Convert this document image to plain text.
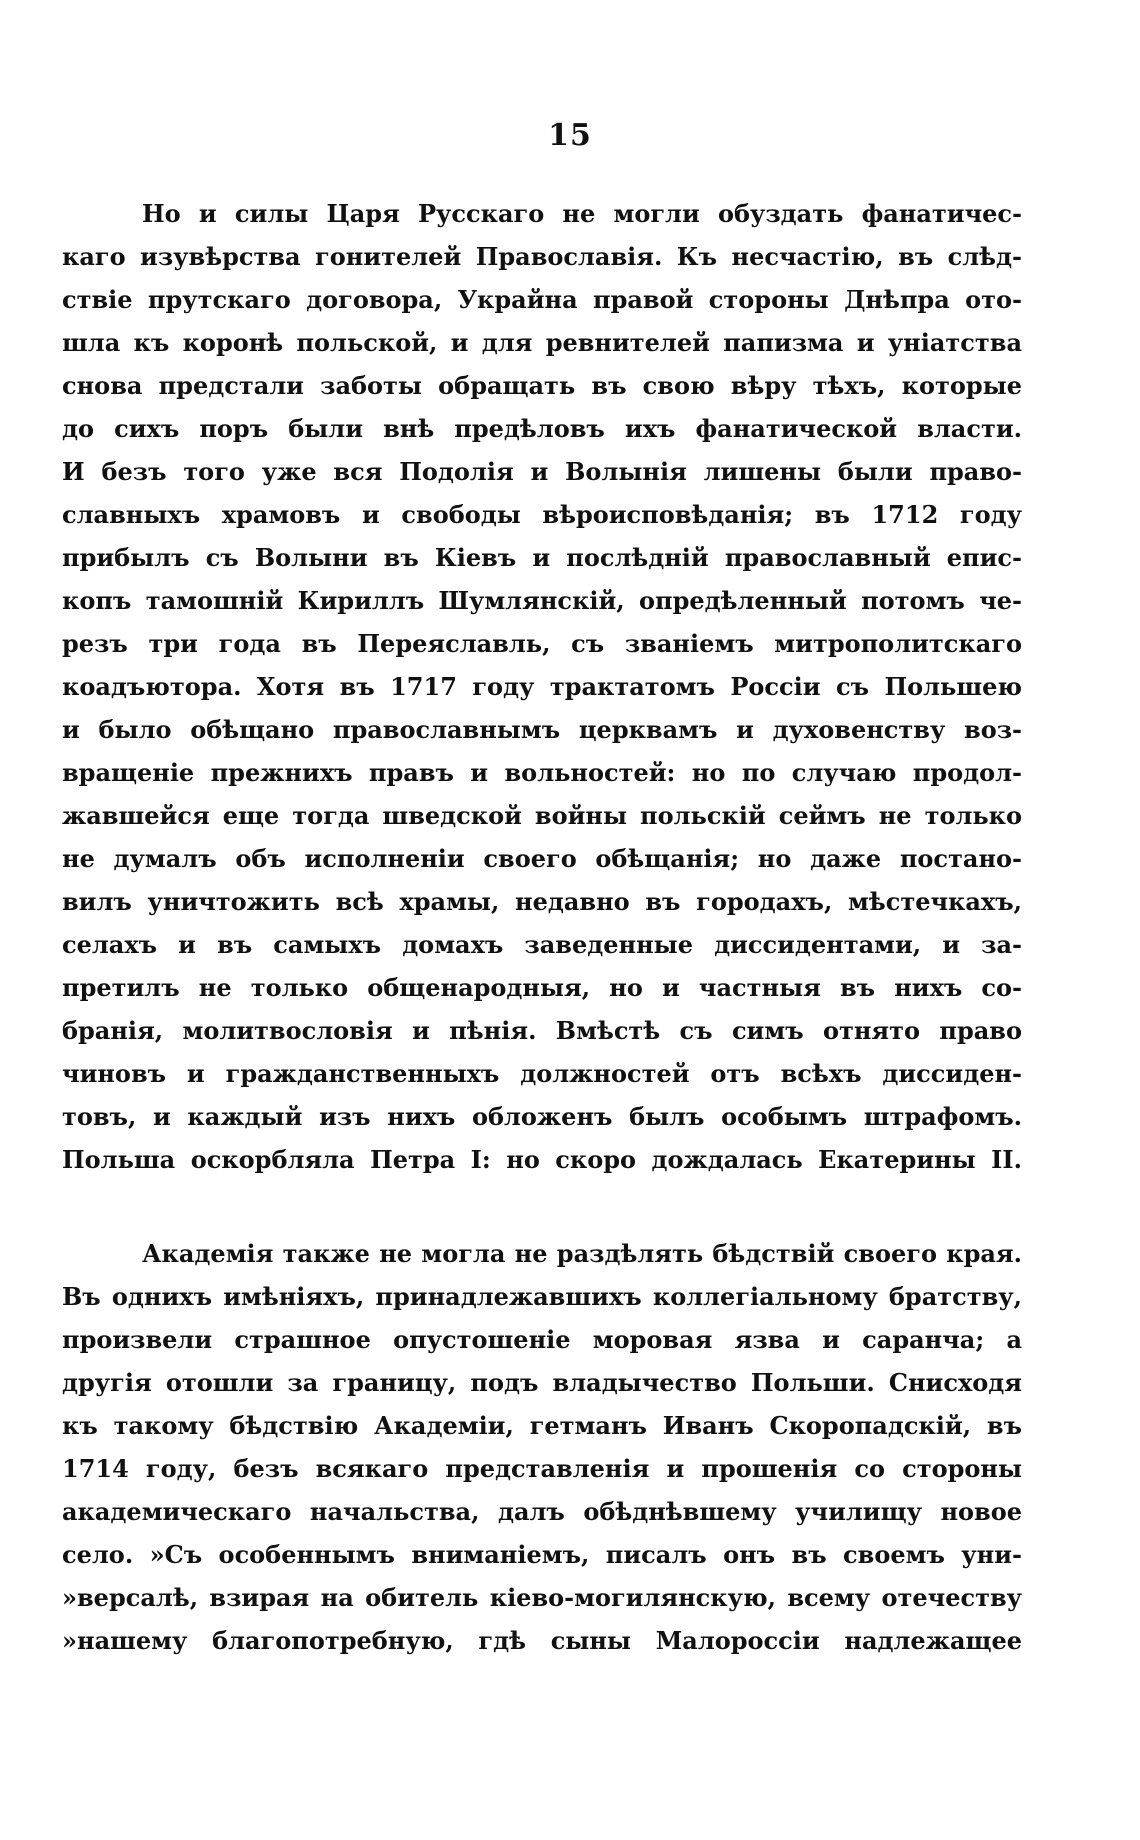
15
Но и силы Царя Русскаго не могли обуздать фанатичес-
каго изувѣрства гонителей Православія. Къ несчастію, въ слѣд-
ствіе прутскаго договора, Украйна правой стороны Днѣпра ото-
шла къ коронѣ польской, и для ревнителей папизма и уніатства
снова предстали заботы обращать въ свою вѣру тѣхъ, которые
до сихъ поръ были внѣ предѣловъ ихъ фанатической власти.
И безъ того уже вся Подолія и Волынія лишены были право-
славныхъ храмовъ и свободы вѣроисповѣданія; въ 1712 году
прибылъ съ Волыни въ Кіевъ и послѣдній православный епис-
копъ тамошній Кириллъ Шумлянскій, опредѣленный потомъ че-
резъ три года въ Переяславль, съ званіемъ митрополитскаго
коадъютора. Хотя въ 1717 году трактатомъ Россіи съ Польшею
и было обѣщано православнымъ церквамъ и духовенству воз-
вращеніе прежнихъ правъ и вольностей: но по случаю продол-
жавшейся еще тогда шведской войны польскій сеймъ не только
не думалъ объ исполненіи своего обѣщанія; но даже постано-
вилъ уничтожить всѣ храмы, недавно въ городахъ, мѣстечкахъ,
селахъ и въ самыхъ домахъ заведенные диссидентами, и за-
претилъ не только общенародныя, но и частныя въ нихъ со-
бранія, молитвословія и пѣнія. Вмѣстѣ съ симъ отнято право
чиновъ и гражданственныхъ должностей отъ всѣхъ диссиден-
товъ, и каждый изъ нихъ обложенъ былъ особымъ штрафомъ.
Польша оскорбляла Петра I: но скоро дождалась Екатерины II.
Академія также не могла не раздѣлять бѣдствій своего края.
Въ однихъ имѣніяхъ, принадлежавшихъ коллегіальному братству,
произвели страшное опустошеніе моровая язва и саранча; а
другія отошли за границу, подъ владычество Польши. Снисходя
къ такому бѣдствію Академіи, гетманъ Иванъ Скоропадскій, въ
1714 году, безъ всякаго представленія и прошенія со стороны
академическаго начальства, далъ обѣднѣвшему училищу новое
село. »Съ особеннымъ вниманіемъ, писалъ онъ въ своемъ уни-
»версалѣ, взирая на обитель кіево-могилянскую, всему отечеству
»нашему благопотребную, гдѣ сыны Малороссіи надлежащее
